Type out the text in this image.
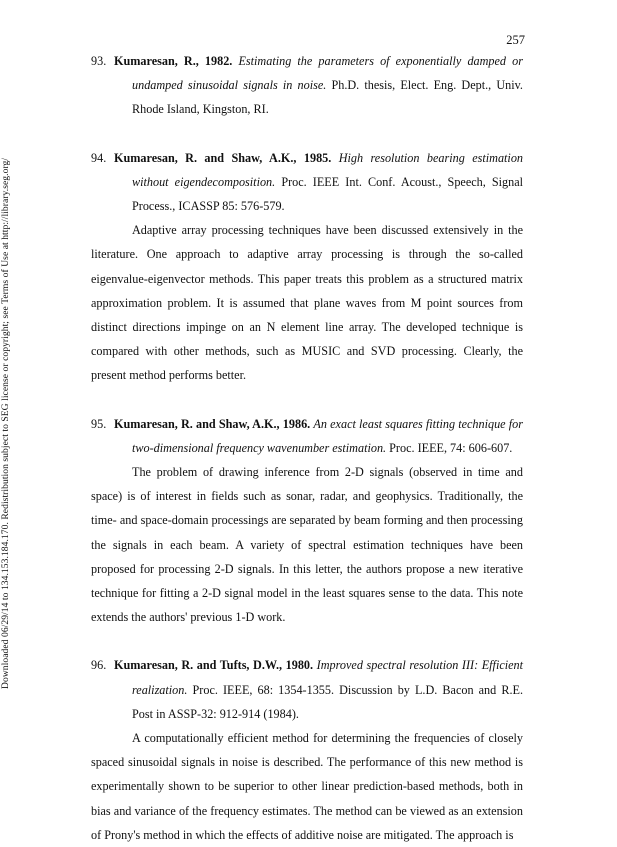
257
Downloaded 06/29/14 to 134.153.184.170. Redistribution subject to SEG license or copyright; see Terms of Use at http://library.seg.org/
93. Kumaresan, R., 1982. Estimating the parameters of exponentially damped or undamped sinusoidal signals in noise. Ph.D. thesis, Elect. Eng. Dept., Univ. Rhode Island, Kingston, RI.
94. Kumaresan, R. and Shaw, A.K., 1985. High resolution bearing estimation without eigendecomposition. Proc. IEEE Int. Conf. Acoust., Speech, Signal Process., ICASSP 85: 576-579.

Adaptive array processing techniques have been discussed extensively in the literature. One approach to adaptive array processing is through the so-called eigenvalue-eigenvector methods. This paper treats this problem as a structured matrix approximation problem. It is assumed that plane waves from M point sources from distinct directions impinge on an N element line array. The developed technique is compared with other methods, such as MUSIC and SVD processing. Clearly, the present method performs better.

95. Kumaresan, R. and Shaw, A.K., 1986. An exact least squares fitting technique for two-dimensional frequency wavenumber estimation. Proc. IEEE, 74: 606-607.

The problem of drawing inference from 2-D signals (observed in time and space) is of interest in fields such as sonar, radar, and geophysics. Traditionally, the time- and space-domain processings are separated by beam forming and then processing the signals in each beam. A variety of spectral estimation techniques have been proposed for processing 2-D signals. In this letter, the authors propose a new iterative technique for fitting a 2-D signal model in the least squares sense to the data. This note extends the authors' previous 1-D work.

96. Kumaresan, R. and Tufts, D.W., 1980. Improved spectral resolution III: Efficient realization. Proc. IEEE, 68: 1354-1355. Discussion by L.D. Bacon and R.E. Post in ASSP-32: 912-914 (1984).

A computationally efficient method for determining the frequencies of closely spaced sinusoidal signals in noise is described. The performance of this new method is experimentally shown to be superior to other linear prediction-based methods, both in bias and variance of the frequency estimates. The method can be viewed as an extension of Prony's method in which the effects of additive noise are mitigated. The approach is
